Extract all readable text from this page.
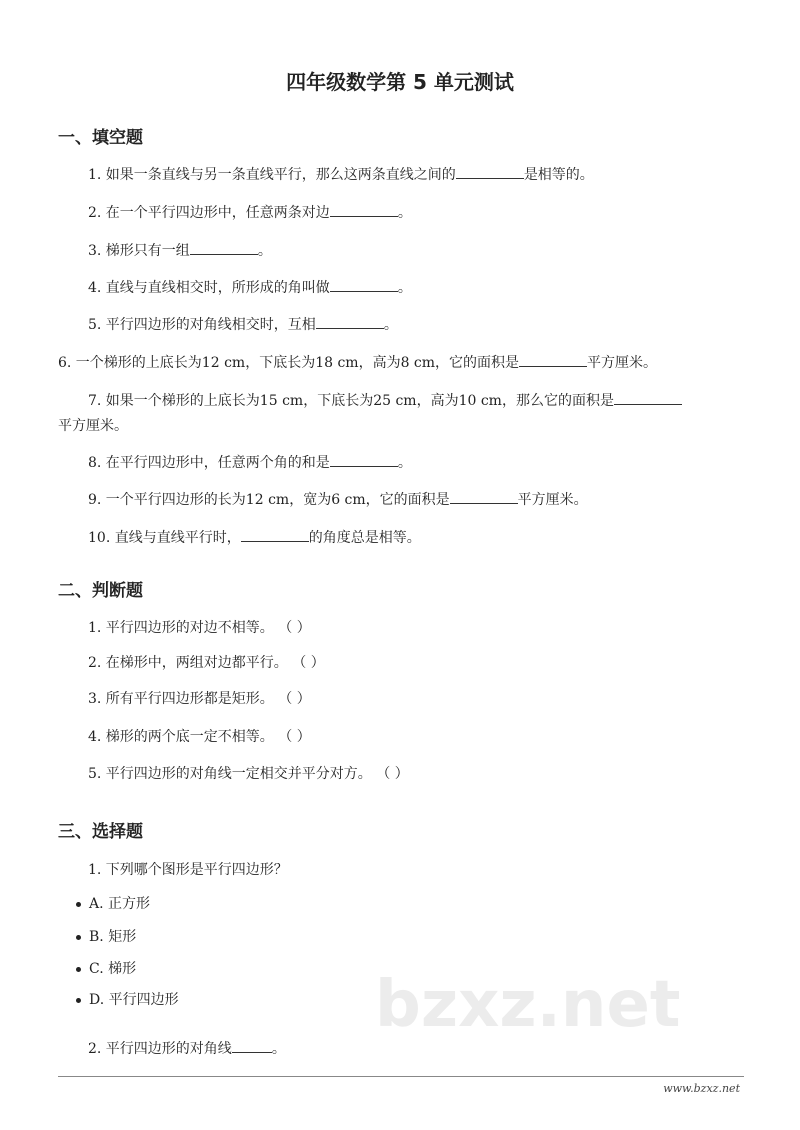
bzxz.net
四年级数学第 5 单元测试
一、填空题
1. 如果一条直线与另一条直线平行，那么这两条直线之间的	是相等的。
2. 在一个平行四边形中，任意两条对边	。
3. 梯形只有一组	。
4. 直线与直线相交时，所形成的角叫做	。
5. 平行四边形的对角线相交时，互相	。
6. 一个梯形的上底长为12 cm，下底长为18 cm，高为8 cm，它的面积是	平方厘米。
7. 如果一个梯形的上底长为15 cm，下底长为25 cm，高为10 cm，那么它的面积是
平方厘米。
8. 在平行四边形中，任意两个角的和是	。
9. 一个平行四边形的长为12 cm，宽为6 cm，它的面积是	平方厘米。
10. 直线与直线平行时，	的角度总是相等。
二、判断题
1. 平行四边形的对边不相等。 （ ）
2. 在梯形中，两组对边都平行。 （ ）
3. 所有平行四边形都是矩形。 （ ）
4. 梯形的两个底一定不相等。 （ ）
5. 平行四边形的对角线一定相交并平分对方。 （ ）
三、选择题
1. 下列哪个图形是平行四边形？
A. 正方形
B. 矩形
C. 梯形
D. 平行四边形
2. 平行四边形的对角线	。
www.bzxz.net
